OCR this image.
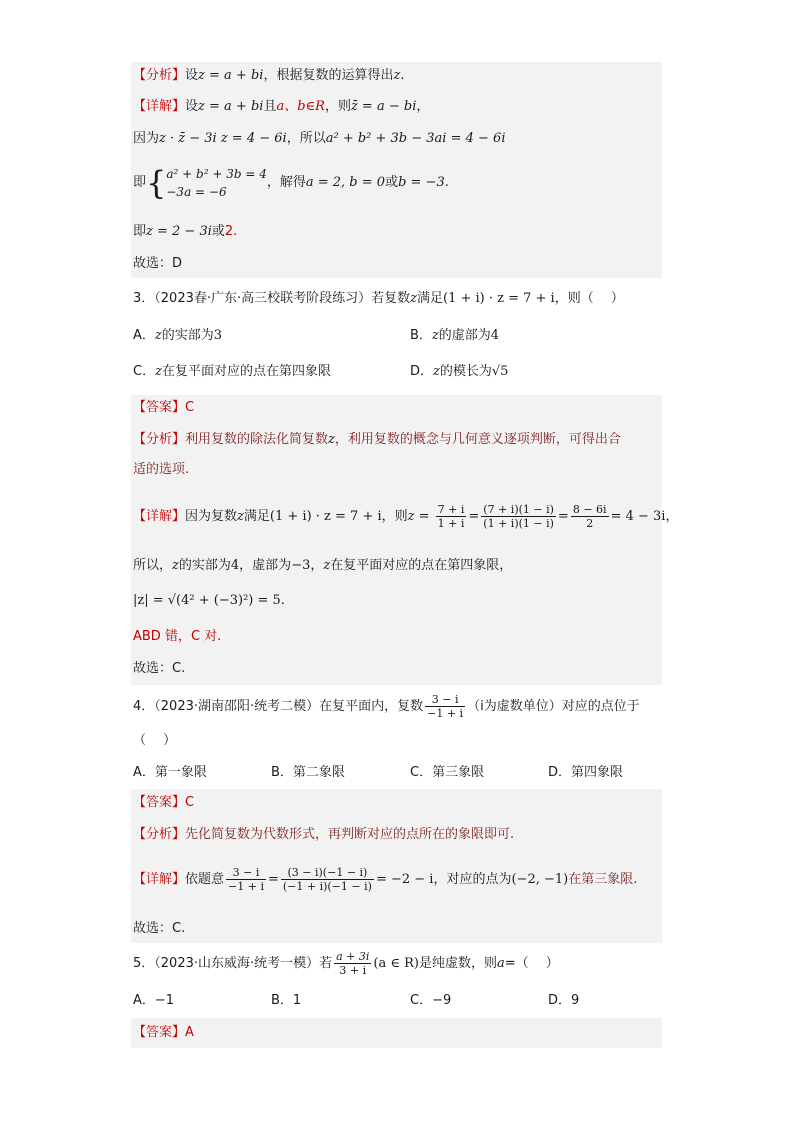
【分析】设z = a + bi，根据复数的运算得出z.
【详解】设z = a + bi且a、b∈R，则z̄ = a − bi，
因为z · z̄ − 3i z = 4 − 6i，所以a² + b² + 3b − 3ai = 4 − 6i
即{ a² + b² + 3b = 4
−3a = −6
，解得a = 2, b = 0或b = −3.
即z = 2 − 3i或2.
故选：D
3．（2023春·广东·高三校联考阶段练习）若复数z满足(1 + i) · z = 7 + i，则（　 ）
A．z的实部为3	B．z的虚部为4
C．z在复平面对应的点在第四象限	D．z的模长为√5
【答案】C
【分析】利用复数的除法化简复数z，利用复数的概念与几何意义逐项判断，可得出合
适的选项.
【详解】因为复数z满足(1 + i) · z = 7 + i，则$z = \frac{7 + i}{1 + i} = \frac{(7 + i)(1 - i)}{(1 + i)(1 - i)} = \frac{8 - 6i}{2} = 4 - 3i$，
所以，z的实部为4，虚部为−3，z在复平面对应的点在第四象限，
|z| = √(4² + (−3)²) = 5.
ABD 错，C 对.
故选：C.
4．（2023·湖南邵阳·统考二模）在复平面内，复数 $\frac{3 - i}{-1 + i} (i$为虚数单位）对应的点位于
（　 ）
A．第一象限	B．第二象限	C．第三象限	D．第四象限
【答案】C
【分析】先化简复数为代数形式，再判断对应的点所在的象限即可.
【详解】依题意 $\frac{3 - i}{-1 + i} = \frac{(3 - i)(-1 - i)}{(-1 + i)(-1 - i)} = -2 - i$，对应的点为(−2, −1)在第三象限.
故选：C.
5．（2023·山东威海·统考一模）若 $\frac{a + 3i}{3 + i} (a$ ∈ R)是纯虚数，则a=（　 ）
A．−1	B．1	C．−9	D．9
【答案】A
